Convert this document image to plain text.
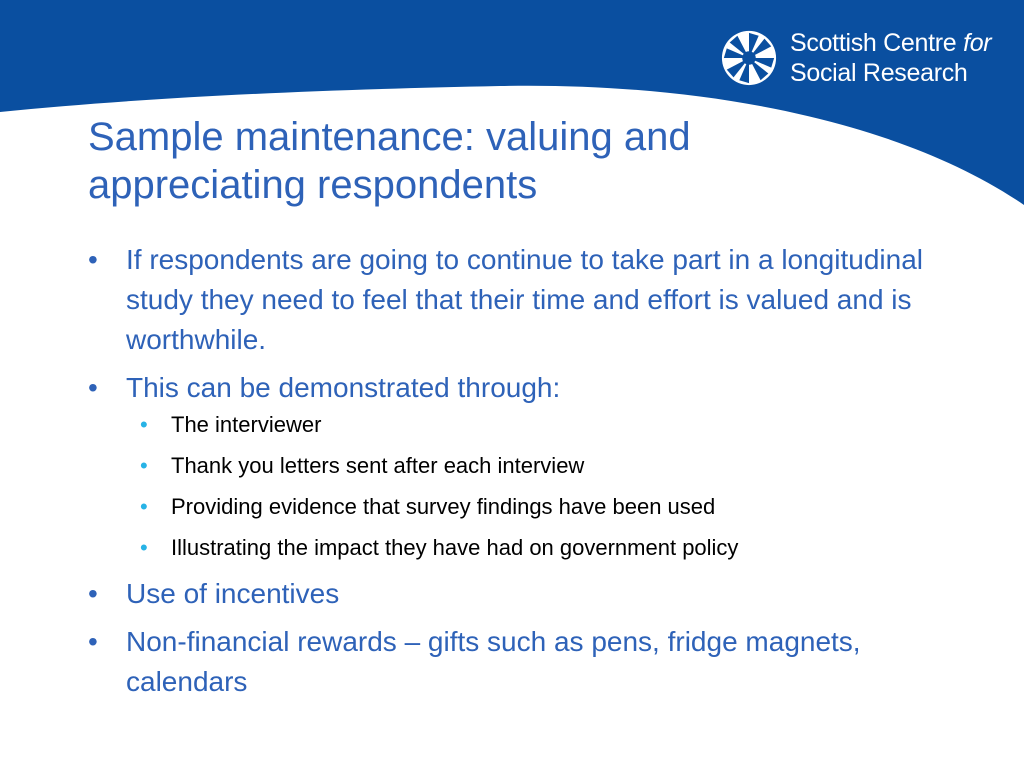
Scottish Centre for
Social Research
Sample maintenance: valuing and appreciating respondents
• If respondents are going to continue to take part in a longitudinal study they need to feel that their time and effort is valued and is worthwhile.
• This can be demonstrated through:
• The interviewer
• Thank you letters sent after each interview
• Providing evidence that survey findings have been used
• Illustrating the impact they have had on government policy
• Use of incentives
• Non-financial rewards – gifts such as pens, fridge magnets, calendars
